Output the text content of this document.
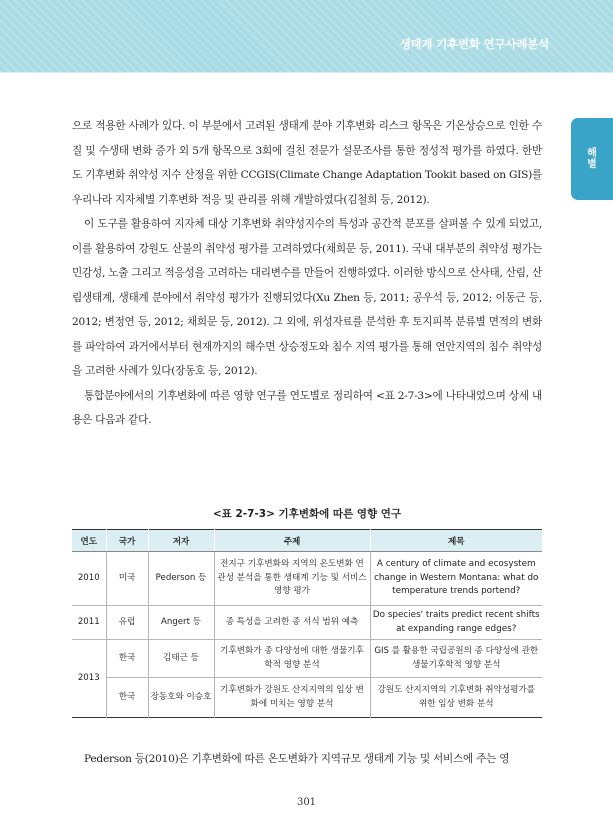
생태계 기후변화 연구사례분석
해
별

으로 적용한 사례가 있다. 이 부분에서 고려된 생태계 분야 기후변화 리스크 항목은 기온상승으로 인한 수질 및 수생태 변화 증가 외 5개 항목으로 3회에 걸친 전문가 설문조사를 통한 정성적 평가를 하였다. 한반도 기후변화 취약성 지수 산정을 위한 CCGIS(Climate Change Adaptation Tookit based on GIS)를 우리나라 지자체별 기후변화 적응 및 관리를 위해 개발하였다(김철희 등, 2012).

이 도구를 활용하여 지자체 대상 기후변화 취약성지수의 특성과 공간적 분포를 살펴볼 수 있게 되었고, 이를 활용하여 강원도 산불의 취약성 평가를 고려하였다(채희문 등, 2011). 국내 대부분의 취약성 평가는 민감성, 노출 그리고 적응성을 고려하는 대리변수를 만들어 진행하였다. 이러한 방식으로 산사태, 산림, 산림생태계, 생태계 분야에서 취약성 평가가 진행되었다(Xu Zhen 등, 2011; 공우석 등, 2012; 이동근 등, 2012; 변정연 등, 2012; 채희문 등, 2012). 그 외에, 위성자료를 분석한 후 토지피복 분류별 면적의 변화를 파악하여 과거에서부터 현재까지의 해수면 상승정도와 침수 지역 평가를 통해 연안지역의 침수 취약성을 고려한 사례가 있다(장동호 등, 2012).

통합분야에서의 기후변화에 따른 영향 연구를 연도별로 정리하여 <표 2-7-3>에 나타내었으며 상세 내용은 다음과 같다.

<표 2-7-3> 기후변화에 따른 영향 연구
연도	국가	저자	주제	제목
2010	미국	Pederson 등	전지구 기후변화와 지역의 온도변화 연관성 분석을 통한 생태계 기능 및 서비스 영향 평가	A century of climate and ecosystem change in Western Montana: what do temperature trends portend?
2011	유럽	Angert 등	종 특성을 고려한 종 서식 범위 예측	Do species' traits predict recent shifts at expanding range edges?
2013	한국	김태근 등	기후변화가 종 다양성에 대한 생물기후학적 영향 분석	GIS 를 활용한 국립공원의 종 다양성에 관한 생물기후학적 영향 분석
	한국	장동호와 이승호	기후변화가 강원도 산지지역의 임상 변화에 미치는 영향 분석	강원도 산지지역의 기후변화 취약성평가를 위한 임상 변화 분석
Pederson 등(2010)은 기후변화에 따른 온도변화가 지역규모 생태계 기능 및 서비스에 주는 영
301
